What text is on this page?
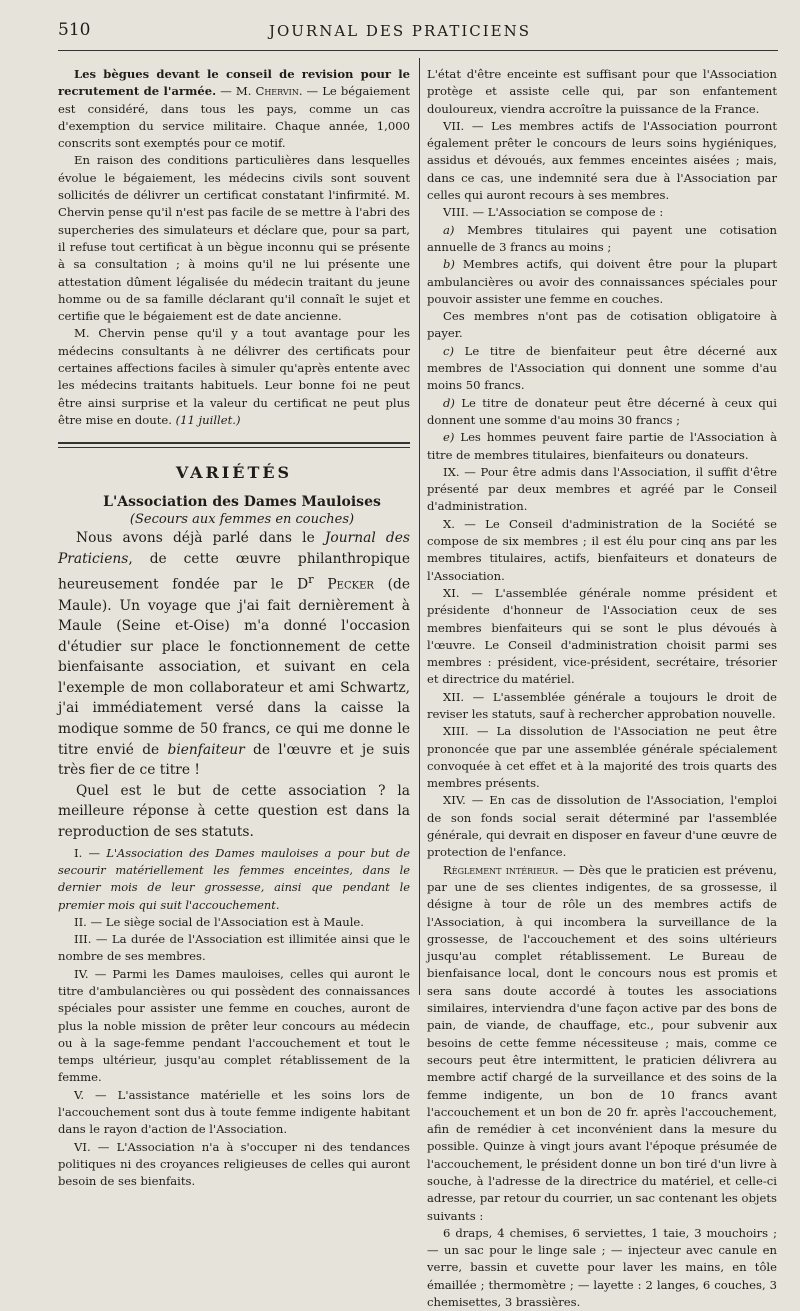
510	JOURNAL DES PRATICIENS

Les bègues devant le conseil de revision pour le recrutement de l'armée. — M. Chervin. — Le bégaiement est considéré, dans tous les pays, comme un cas d'exemption du service militaire. Chaque année, 1,000 conscrits sont exemptés pour ce motif.

En raison des conditions particulières dans lesquelles évolue le bégaiement, les médecins civils sont souvent sollicités de délivrer un certificat constatant l'infirmité. M. Chervin pense qu'il n'est pas facile de se mettre à l'abri des supercheries des simulateurs et déclare que, pour sa part, il refuse tout certificat à un bègue inconnu qui se présente à sa consultation ; à moins qu'il ne lui présente une attestation dûment légalisée du médecin traitant du jeune homme ou de sa famille déclarant qu'il connaît le sujet et certifie que le bégaiement est de date ancienne.

M. Chervin pense qu'il y a tout avantage pour les médecins consultants à ne délivrer des certificats pour certaines affections faciles à simuler qu'après entente avec les médecins traitants habituels. Leur bonne foi ne peut être ainsi surprise et la valeur du certificat ne peut plus être mise en doute. (11 juillet.)

VARIÉTÉS

L'Association des Dames Mauloises

(Secours aux femmes en couches)

Nous avons déjà parlé dans le Journal des Praticiens, de cette œuvre philanthropique heureusement fondée par le $D^r$ Pecker (de Maule). Un voyage que j'ai fait dernièrement à Maule (Seine et-Oise) m'a donné l'occasion d'étudier sur place le fonctionnement de cette bienfaisante association, et suivant en cela l'exemple de mon collaborateur et ami Schwartz, j'ai immédiatement versé dans la caisse la modique somme de 50 francs, ce qui me donne le titre envié de bienfaiteur de l'œuvre et je suis très fier de ce titre !

Quel est le but de cette association ? la meilleure réponse à cette question est dans la reproduction de ses statuts.

I. — L'Association des Dames mauloises a pour but de secourir matériellement les femmes enceintes, dans le dernier mois de leur grossesse, ainsi que pendant le premier mois qui suit l'accouchement.

II. — Le siège social de l'Association est à Maule.

III. — La durée de l'Association est illimitée ainsi que le nombre de ses membres.

IV. — Parmi les Dames mauloises, celles qui auront le titre d'ambulancières ou qui possèdent des connaissances spéciales pour assister une femme en couches, auront de plus la noble mission de prêter leur concours au médecin ou à la sage-femme pendant l'accouchement et tout le temps ultérieur, jusqu'au complet rétablissement de la femme.

V. — L'assistance matérielle et les soins lors de l'accouchement sont dus à toute femme indigente habitant dans le rayon d'action de l'Association.

VI. — L'Association n'a à s'occuper ni des tendances politiques ni des croyances religieuses de celles qui auront besoin de ses bienfaits.

L'état d'être enceinte est suffisant pour que l'Association protège et assiste celle qui, par son enfantement douloureux, viendra accroître la puissance de la France.

VII. — Les membres actifs de l'Association pourront également prêter le concours de leurs soins hygiéniques, assidus et dévoués, aux femmes enceintes aisées ; mais, dans ce cas, une indemnité sera due à l'Association par celles qui auront recours à ses membres.

VIII. — L'Association se compose de :

a) Membres titulaires qui payent une cotisation annuelle de 3 francs au moins ;

b) Membres actifs, qui doivent être pour la plupart ambulancières ou avoir des connaissances spéciales pour pouvoir assister une femme en couches.

Ces membres n'ont pas de cotisation obligatoire à payer.

c) Le titre de bienfaiteur peut être décerné aux membres de l'Association qui donnent une somme d'au moins 50 francs.

d) Le titre de donateur peut être décerné à ceux qui donnent une somme d'au moins 30 francs ;

e) Les hommes peuvent faire partie de l'Association à titre de membres titulaires, bienfaiteurs ou donateurs.

IX. — Pour être admis dans l'Association, il suffit d'être présenté par deux membres et agréé par le Conseil d'administration.

X. — Le Conseil d'administration de la Société se compose de six membres ; il est élu pour cinq ans par les membres titulaires, actifs, bienfaiteurs et donateurs de l'Association.

XI. — L'assemblée générale nomme président et présidente d'honneur de l'Association ceux de ses membres bienfaiteurs qui se sont le plus dévoués à l'œuvre. Le Conseil d'administration choisit parmi ses membres : président, vice-président, secrétaire, trésorier et directrice du matériel.

XII. — L'assemblée générale a toujours le droit de reviser les statuts, sauf à rechercher approbation nouvelle.

XIII. — La dissolution de l'Association ne peut être prononcée que par une assemblée générale spécialement convoquée à cet effet et à la majorité des trois quarts des membres présents.

XIV. — En cas de dissolution de l'Association, l'emploi de son fonds social serait déterminé par l'assemblée générale, qui devrait en disposer en faveur d'une œuvre de protection de l'enfance.

Règlement intérieur. — Dès que le praticien est prévenu, par une de ses clientes indigentes, de sa grossesse, il désigne à tour de rôle un des membres actifs de l'Association, à qui incombera la surveillance de la grossesse, de l'accouchement et des soins ultérieurs jusqu'au complet rétablissement. Le Bureau de bienfaisance local, dont le concours nous est promis et sera sans doute accordé à toutes les associations similaires, interviendra d'une façon active par des bons de pain, de viande, de chauffage, etc., pour subvenir aux besoins de cette femme nécessiteuse ; mais, comme ce secours peut être intermittent, le praticien délivrera au membre actif chargé de la surveillance et des soins de la femme indigente, un bon de 10 francs avant l'accouchement et un bon de 20 fr. après l'accouchement, afin de remédier à cet inconvénient dans la mesure du possible. Quinze à vingt jours avant l'époque présumée de l'accouchement, le président donne un bon tiré d'un livre à souche, à l'adresse de la directrice du matériel, et celle-ci adresse, par retour du courrier, un sac contenant les objets suivants :

6 draps, 4 chemises, 6 serviettes, 1 taie, 3 mouchoirs ; — un sac pour le linge sale ; — injecteur avec canule en verre, bassin et cuvette pour laver les mains, en tôle émaillée ; thermomètre ; — layette : 2 langes, 6 couches, 3 chemisettes, 3 brassières.
